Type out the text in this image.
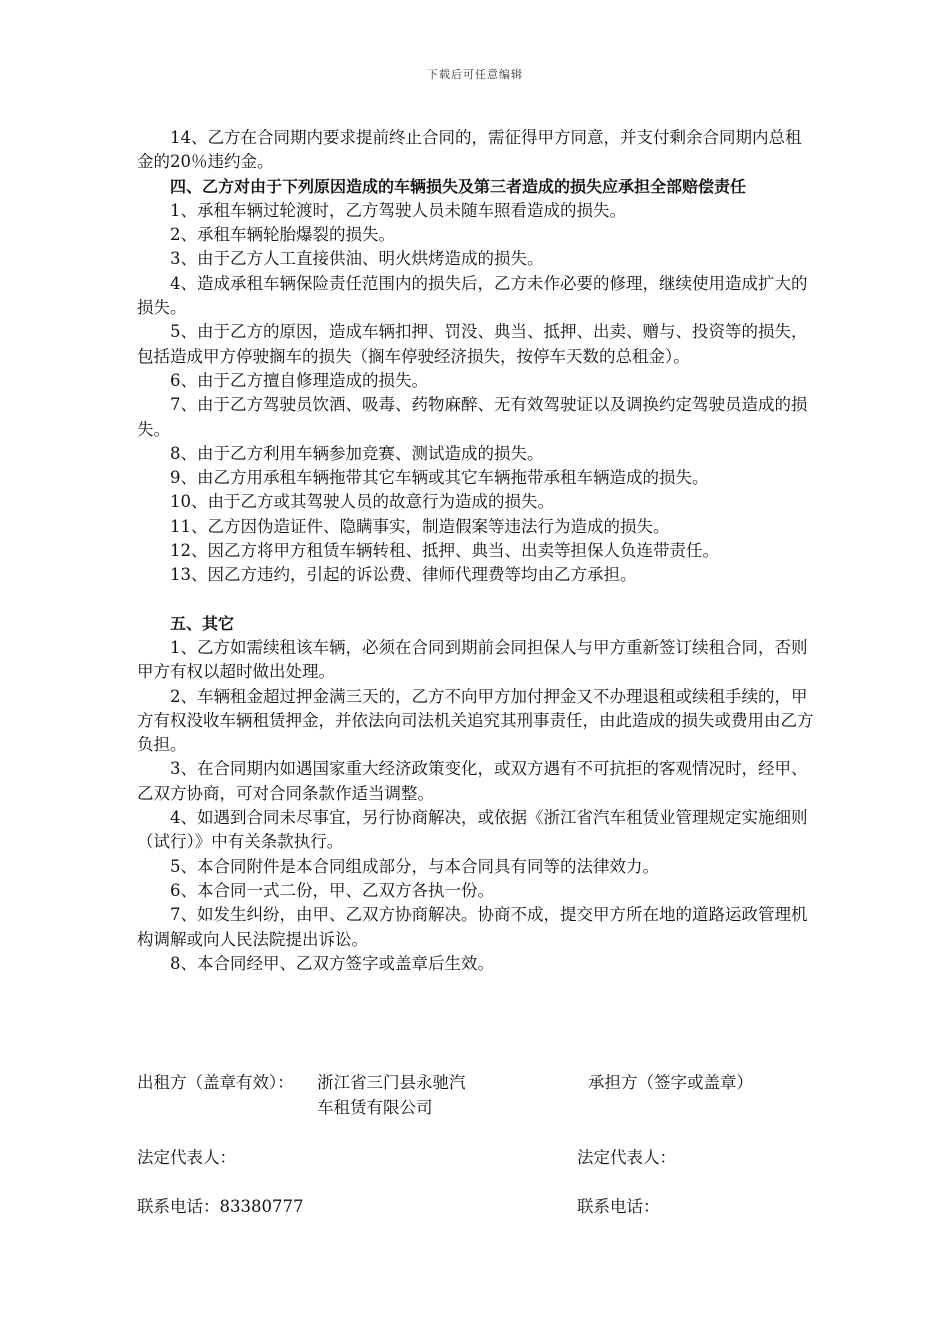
下载后可任意编辑

14、乙方在合同期内要求提前终止合同的，需征得甲方同意，并支付剩余合同期内总租金的20％违约金。

四、乙方对由于下列原因造成的车辆损失及第三者造成的损失应承担全部赔偿责任

1、承租车辆过轮渡时，乙方驾驶人员未随车照看造成的损失。

2、承租车辆轮胎爆裂的损失。

3、由于乙方人工直接供油、明火烘烤造成的损失。

4、造成承租车辆保险责任范围内的损失后，乙方未作必要的修理，继续使用造成扩大的损失。

5、由于乙方的原因，造成车辆扣押、罚没、典当、抵押、出卖、赠与、投资等的损失，包括造成甲方停驶搁车的损失（搁车停驶经济损失，按停车天数的总租金）。

6、由于乙方擅自修理造成的损失。

7、由于乙方驾驶员饮酒、吸毒、药物麻醉、无有效驾驶证以及调换约定驾驶员造成的损失。

8、由于乙方利用车辆参加竞赛、测试造成的损失。

9、由乙方用承租车辆拖带其它车辆或其它车辆拖带承租车辆造成的损失。

10、由于乙方或其驾驶人员的故意行为造成的损失。

11、乙方因伪造证件、隐瞒事实，制造假案等违法行为造成的损失。

12、因乙方将甲方租赁车辆转租、抵押、典当、出卖等担保人负连带责任。

13、因乙方违约，引起的诉讼费、律师代理费等均由乙方承担。

五、其它

1、乙方如需续租该车辆，必须在合同到期前会同担保人与甲方重新签订续租合同，否则甲方有权以超时做出处理。

2、车辆租金超过押金满三天的，乙方不向甲方加付押金又不办理退租或续租手续的，甲方有权没收车辆租赁押金，并依法向司法机关追究其刑事责任，由此造成的损失或费用由乙方负担。

3、在合同期内如遇国家重大经济政策变化，或双方遇有不可抗拒的客观情况时，经甲、乙双方协商，可对合同条款作适当调整。

4、如遇到合同未尽事宜，另行协商解决，或依据《浙江省汽车租赁业管理规定实施细则（试行）》中有关条款执行。

5、本合同附件是本合同组成部分，与本合同具有同等的法律效力。

6、本合同一式二份，甲、乙双方各执一份。

7、如发生纠纷，由甲、乙双方协商解决。协商不成，提交甲方所在地的道路运政管理机构调解或向人民法院提出诉讼。

8、本合同经甲、乙双方签字或盖章后生效。

出租方（盖章有效）： 浙江省三门县永驰汽
车租赁有限公司
承担方（签字或盖章）
法定代表人：	法定代表人：
联系电话：83380777	联系电话：
